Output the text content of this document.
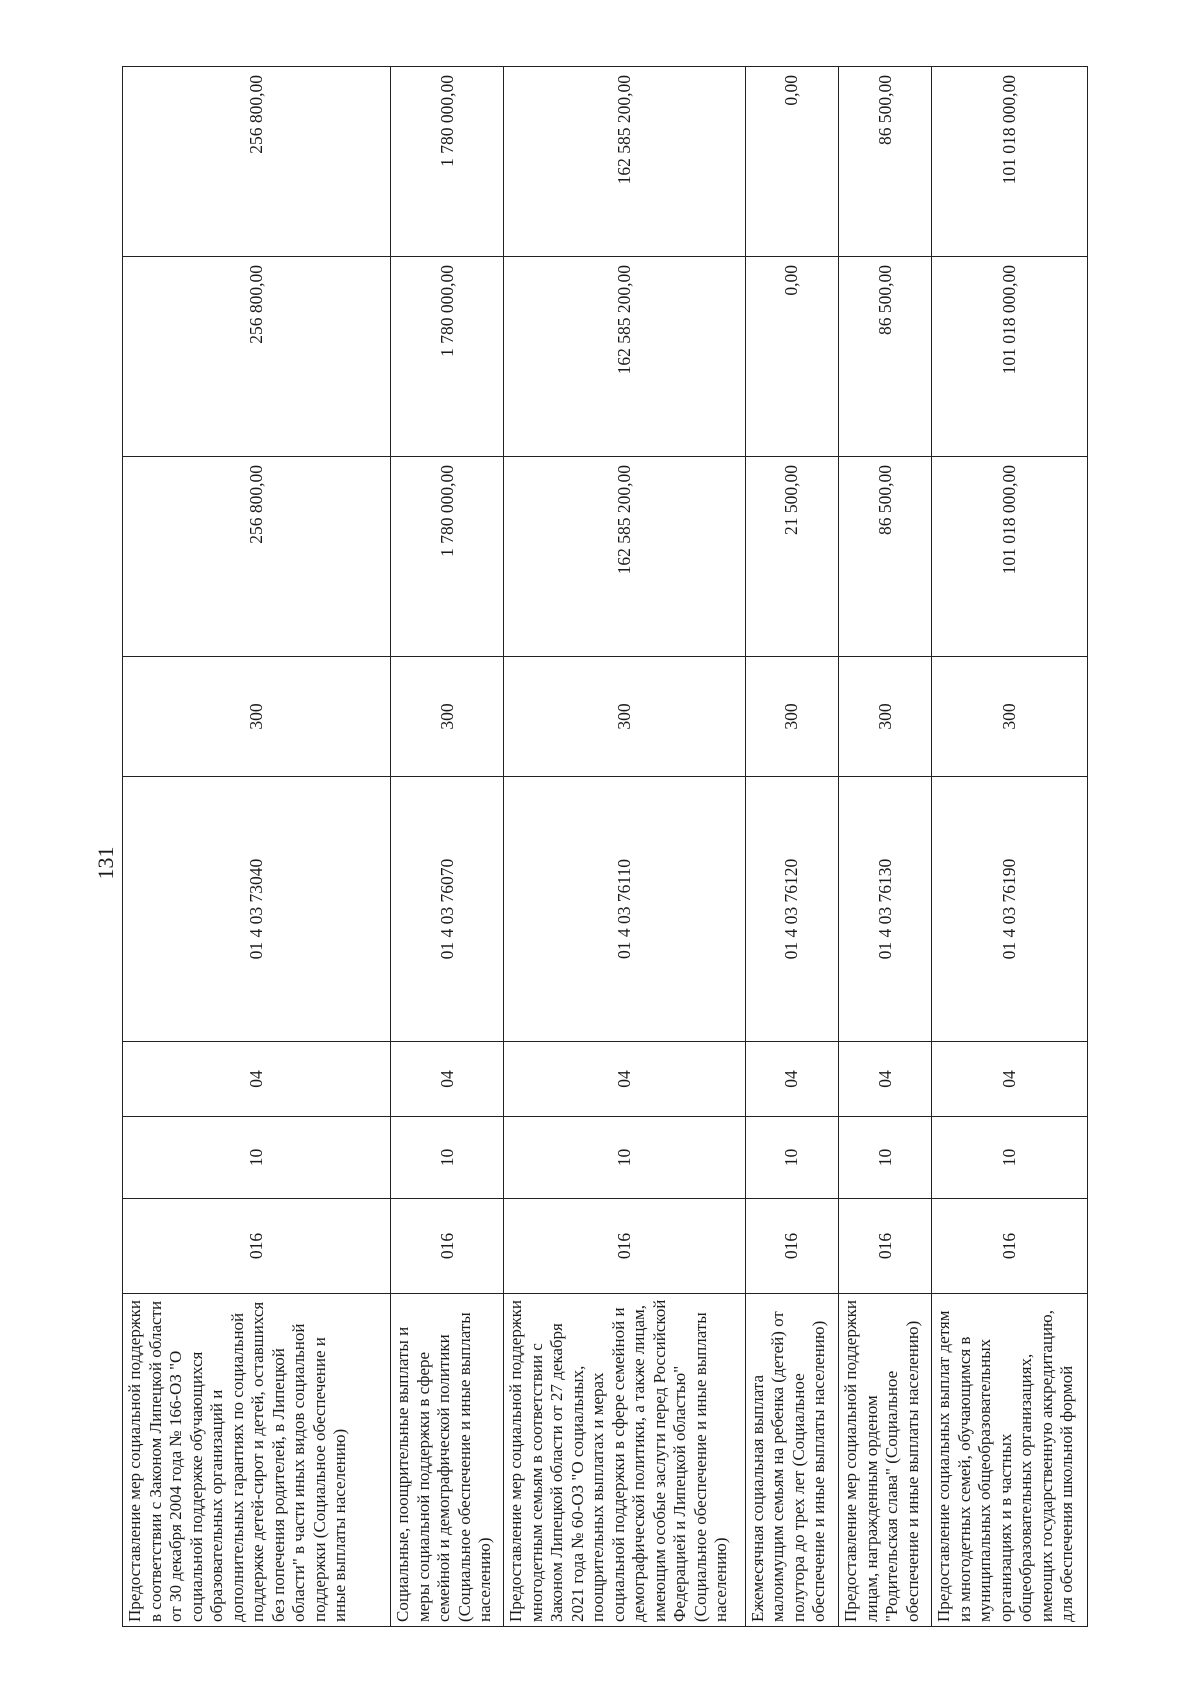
131
Предоставление мер социальной поддержки в соответствии с Законом Липецкой области от 30 декабря 2004 года № 166-ОЗ "О социальной поддержке обучающихся образовательных организаций и дополнительных гарантиях по социальной поддержке детей-сирот и детей, оставшихся без попечения родителей, в Липецкой области" в части иных видов социальной поддержки (Социальное обеспечение и иные выплаты населению)	016	10	04	01 4 03 73040	300	256 800,00	256 800,00	256 800,00
Социальные, поощрительные выплаты и меры социальной поддержки в сфере семейной и демографической политики (Социальное обеспечение и иные выплаты населению)	016	10	04	01 4 03 76070	300	1 780 000,00	1 780 000,00	1 780 000,00
Предоставление мер социальной поддержки многодетным семьям в соответствии с Законом Липецкой области от 27 декабря 2021 года № 60-ОЗ "О социальных, поощрительных выплатах и мерах социальной поддержки в сфере семейной и демографической политики, а также лицам, имеющим особые заслуги перед Российской Федерацией и Липецкой областью" (Социальное обеспечение и иные выплаты населению)	016	10	04	01 4 03 76110	300	162 585 200,00	162 585 200,00	162 585 200,00
Ежемесячная социальная выплата малоимущим семьям на ребенка (детей) от полутора до трех лет (Социальное обеспечение и иные выплаты населению)	016	10	04	01 4 03 76120	300	21 500,00	0,00	0,00
Предоставление мер социальной поддержки лицам, награжденным орденом "Родительская слава" (Социальное обеспечение и иные выплаты населению)	016	10	04	01 4 03 76130	300	86 500,00	86 500,00	86 500,00
Предоставление социальных выплат детям из многодетных семей, обучающимся в муниципальных общеобразовательных организациях и в частных общеобразовательных организациях, имеющих государственную аккредитацию, для обеспечения школьной формой	016	10	04	01 4 03 76190	300	101 018 000,00	101 018 000,00	101 018 000,00
